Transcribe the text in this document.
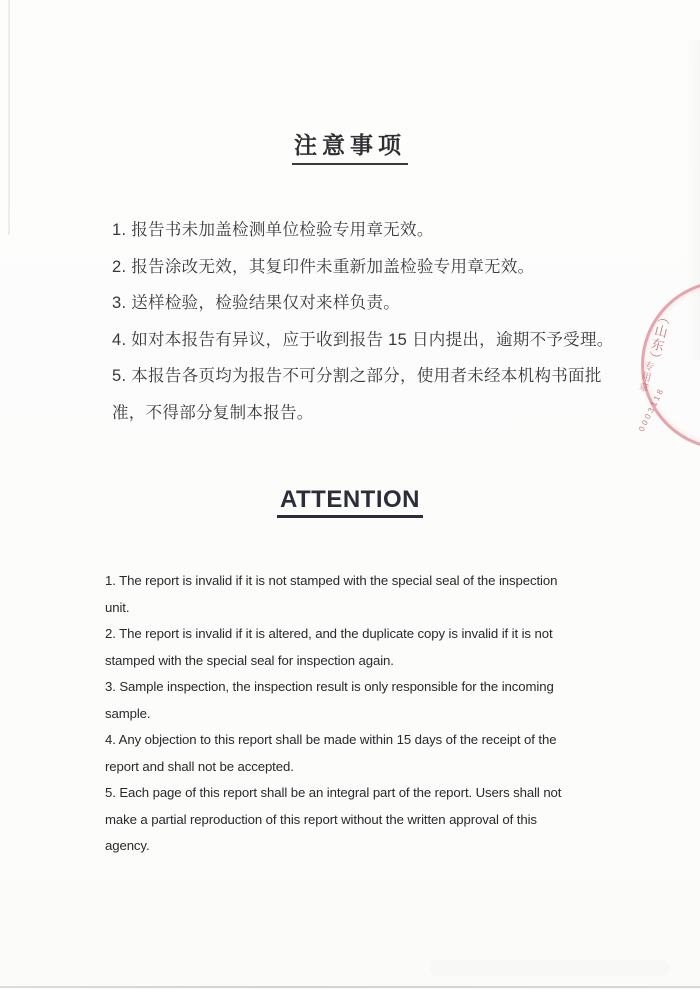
注意事项

1. 报告书未加盖检测单位检验专用章无效。

2. 报告涂改无效，其复印件未重新加盖检验专用章无效。

3. 送样检验，检验结果仅对来样负责。

4. 如对本报告有异议，应于收到报告 15 日内提出，逾期不予受理。

5. 本报告各页均为报告不可分割之部分，使用者未经本机构书面批准，不得部分复制本报告。

ATTENTION

1. The report is invalid if it is not stamped with the special seal of the inspection unit.

2. The report is invalid if it is altered, and the duplicate copy is invalid if it is not stamped with the special seal for inspection again.

3. Sample inspection, the inspection result is only responsible for the incoming sample.

4. Any objection to this report shall be made within 15 days of the receipt of the report and shall not be accepted.

5. Each page of this report shall be an integral part of the report. Users shall not make a partial reproduction of this report without the written approval of this agency.

（山东）
专用章
0003118
